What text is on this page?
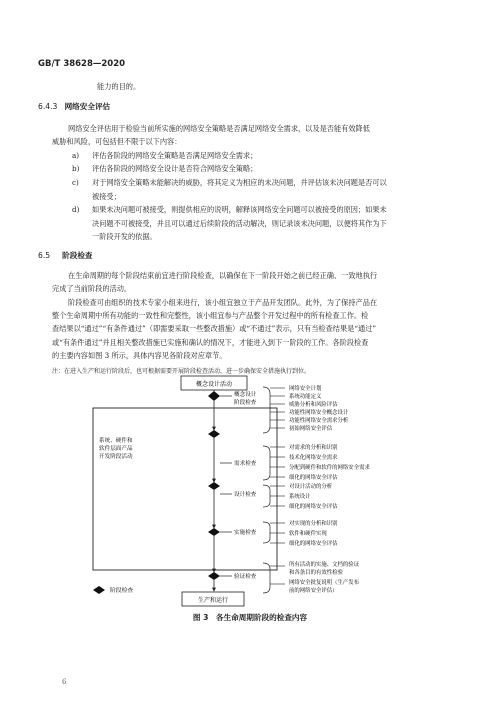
GB/T 38628—2020
能力的目的。
6.4.3 网络安全评估
网络安全评估用于检验当前所实施的网络安全策略是否满足网络安全需求，以及是否能有效降低
威胁和风险，可包括但不限于以下内容：
a) 评估各阶段的网络安全策略是否满足网络安全需求；
b) 评估各阶段的网络安全设计是否符合网络安全策略；
c) 对于网络安全策略未能解决的威胁，将其定义为相应的未决问题，并评估该未决问题是否可以
被接受；
d) 如果未决问题可被接受，则提供相应的说明，解释该网络安全问题可以被接受的原因；如果未
决问题不可被接受，并且可以通过后续阶段的活动解决，则记录该未决问题，以便将其作为下
一阶段开发的依据。
6.5 阶段检查
在生命周期的每个阶段结束前宜进行阶段检查，以确保在下一阶段开始之前已经正确、一致地执行
完成了当前阶段的活动。
阶段检查可由组织的技术专家小组来进行，该小组宜独立于产品开发团队。此外，为了保持产品在
整个生命周期中所有功能的一致性和完整性，该小组宜参与产品整个开发过程中的所有检查工作。检
查结果以“通过”“有条件通过”（即需要采取一些整改措施）或“不通过”表示，只有当检查结果是“通过”
或“有条件通过”并且相关整改措施已实施和确认的情况下，才能进入到下一阶段的工作。各阶段检查
的主要内容如图 3 所示，具体内容见各阶段对应章节。
注：在进入生产和运行阶段后，也可根据需要开展阶段检查活动，进一步确保安全措施执行到位。
概念设计活动
系统、硬件和
软件层面产品
开发阶段活动
生产和运行
概念设计
阶段检查
网络安全计划
系统功能定义
威胁分析和风险评估
功能性网络安全概念设计
功能性网络安全需求分析
初始网络安全评估
需求检查
对需求的分析和识别
技术化网络安全需求
分配到硬件和软件的网络安全需求
细化的网络安全评估
设计检查
对设计活动的分析
系统设计
细化的网络安全评估
实施检查
对实现的分析和识别
软件和硬件实现
细化的网络安全评估
验证检查
所有活动的实施、文档的验证
和各条目的有效性检验
网络安全批复说明（生产发布
前的网络安全评估）
阶段检查
图 3　各生命周期阶段的检查内容
6
